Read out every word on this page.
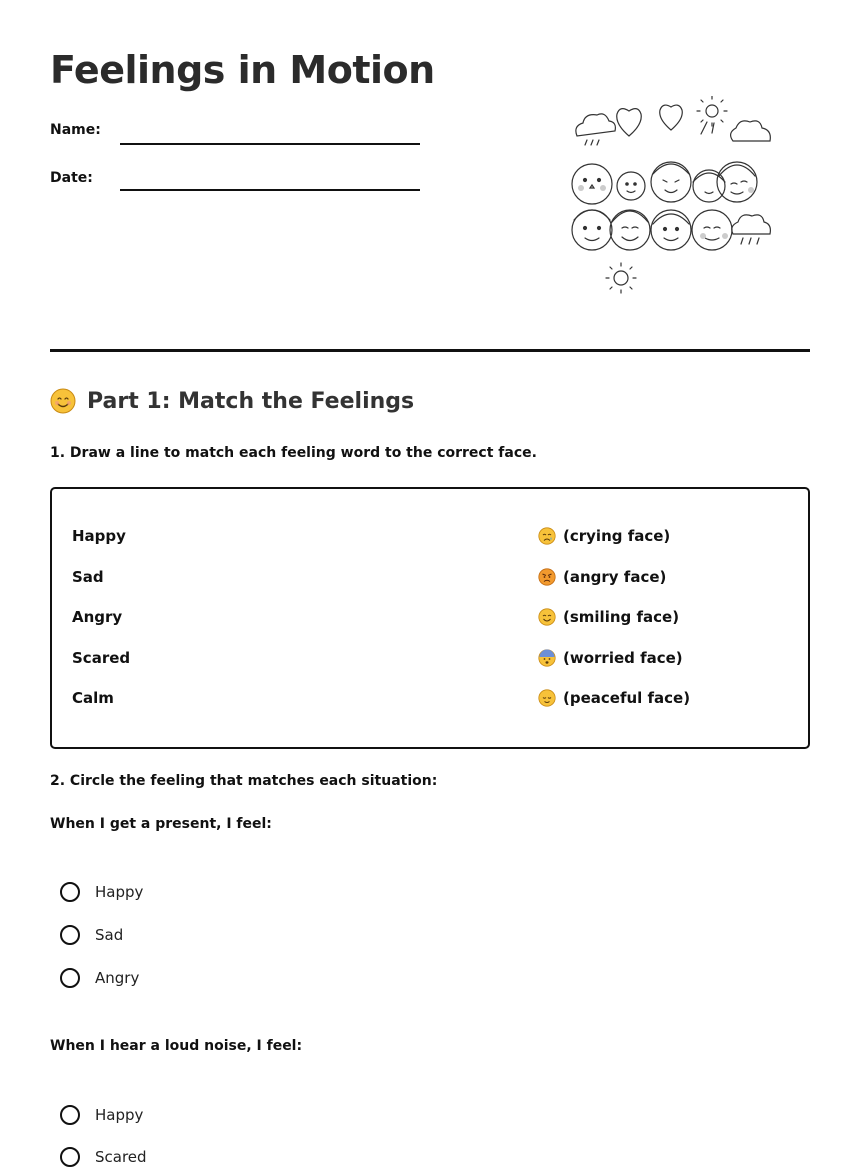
Feelings in Motion
Name:
Date:
Part 1: Match the Feelings
1. Draw a line to match each feeling word to the correct face.
Happy	(crying face)
Sad	(angry face)
Angry	(smiling face)
Scared	(worried face)
Calm	(peaceful face)
2. Circle the feeling that matches each situation:
When I get a present, I feel:
Happy
Sad
Angry
When I hear a loud noise, I feel:
Happy
Scared
